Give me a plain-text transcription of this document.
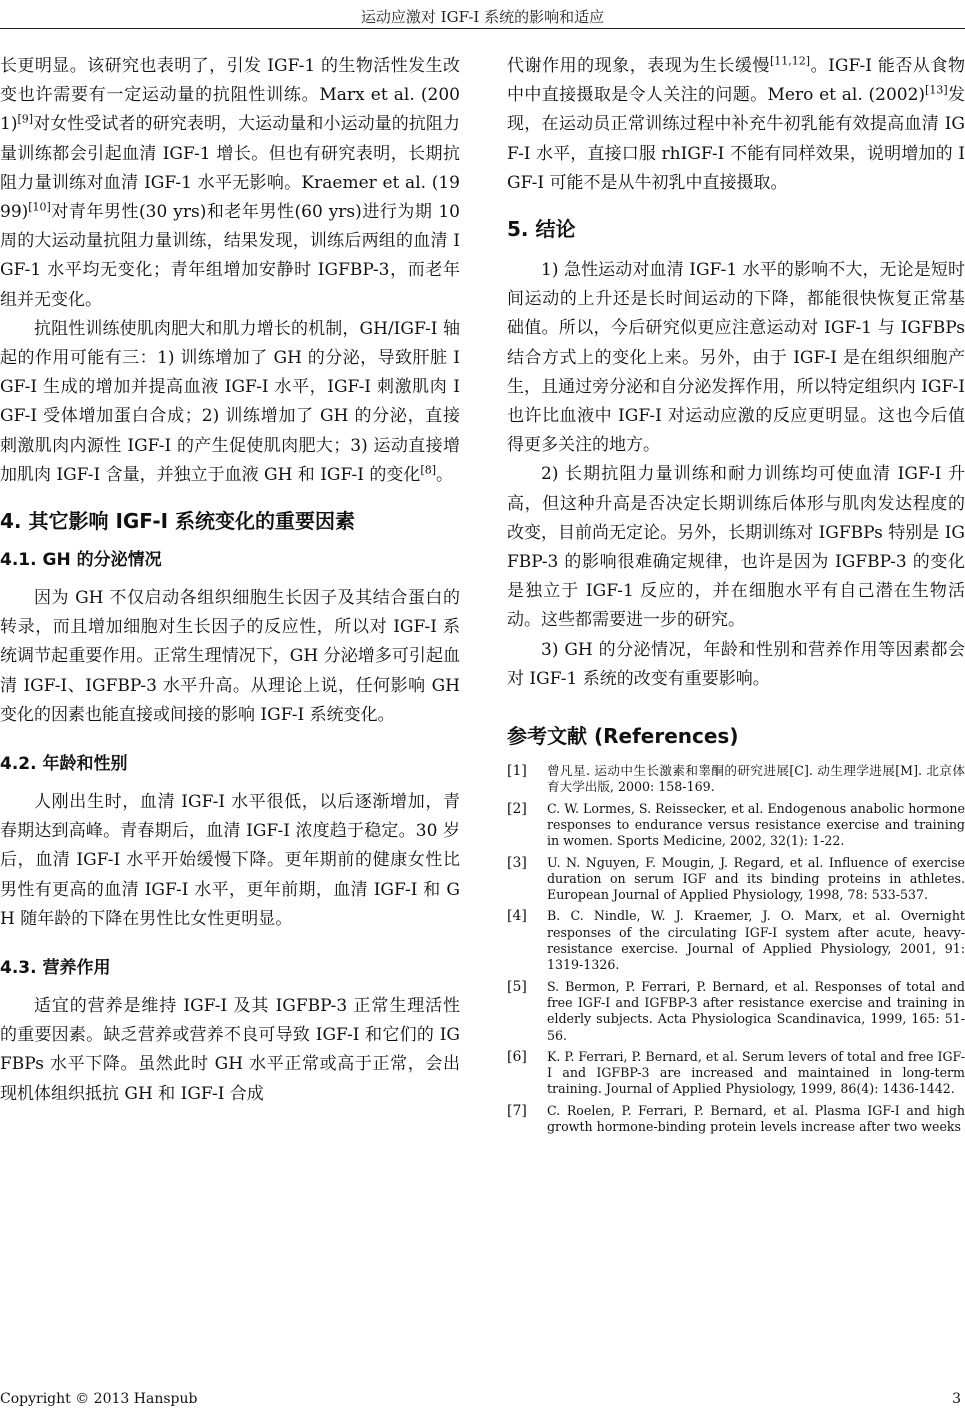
运动应激对 IGF-I 系统的影响和适应

长更明显。该研究也表明了，引发 IGF-1 的生物活性发生改变也许需要有一定运动量的抗阻性训练。Marx et al. (2001)[9]对女性受试者的研究表明，大运动量和小运动量的抗阻力量训练都会引起血清 IGF-1 增长。但也有研究表明，长期抗阻力量训练对血清 IGF-1 水平无影响。Kraemer et al. (1999)[10]对青年男性(30 yrs)和老年男性(60 yrs)进行为期 10 周的大运动量抗阻力量训练，结果发现，训练后两组的血清 IGF-1 水平均无变化；青年组增加安静时 IGFBP-3，而老年组并无变化。

抗阻性训练使肌肉肥大和肌力增长的机制，GH/IGF-I 轴起的作用可能有三：1) 训练增加了 GH 的分泌，导致肝脏 IGF-I 生成的增加并提高血液 IGF-I 水平，IGF-I 刺激肌肉 IGF-I 受体增加蛋白合成；2) 训练增加了 GH 的分泌，直接刺激肌肉内源性 IGF-I 的产生促使肌肉肥大；3) 运动直接增加肌肉 IGF-I 含量，并独立于血液 GH 和 IGF-I 的变化[8]。

4. 其它影响 IGF-I 系统变化的重要因素
4.1. GH 的分泌情况

因为 GH 不仅启动各组织细胞生长因子及其结合蛋白的转录，而且增加细胞对生长因子的反应性，所以对 IGF-I 系统调节起重要作用。正常生理情况下，GH 分泌增多可引起血清 IGF-I、IGFBP-3 水平升高。从理论上说，任何影响 GH 变化的因素也能直接或间接的影响 IGF-I 系统变化。

4.2. 年龄和性别

人刚出生时，血清 IGF-I 水平很低，以后逐渐增加，青春期达到高峰。青春期后，血清 IGF-I 浓度趋于稳定。30 岁后，血清 IGF-I 水平开始缓慢下降。更年期前的健康女性比男性有更高的血清 IGF-I 水平，更年前期，血清 IGF-I 和 GH 随年龄的下降在男性比女性更明显。

4.3. 营养作用

适宜的营养是维持 IGF-I 及其 IGFBP-3 正常生理活性的重要因素。缺乏营养或营养不良可导致 IGF-I 和它们的 IGFBPs 水平下降。虽然此时 GH 水平正常或高于正常，会出现机体组织抵抗 GH 和 IGF-I 合成

代谢作用的现象，表现为生长缓慢[11,12]。IGF-I 能否从食物中中直接摄取是令人关注的问题。Mero et al. (2002)[13]发现，在运动员正常训练过程中补充牛初乳能有效提高血清 IGF-I 水平，直接口服 rhIGF-I 不能有同样效果，说明增加的 IGF-I 可能不是从牛初乳中直接摄取。

5. 结论

1) 急性运动对血清 IGF-1 水平的影响不大，无论是短时间运动的上升还是长时间运动的下降，都能很快恢复正常基础值。所以，今后研究似更应注意运动对 IGF-1 与 IGFBPs 结合方式上的变化上来。另外，由于 IGF-I 是在组织细胞产生，且通过旁分泌和自分泌发挥作用，所以特定组织内 IGF-I 也许比血液中 IGF-I 对运动应激的反应更明显。这也今后值得更多关注的地方。

2) 长期抗阻力量训练和耐力训练均可使血清 IGF-I 升高，但这种升高是否决定长期训练后体形与肌肉发达程度的改变，目前尚无定论。另外，长期训练对 IGFBPs 特别是 IGFBP-3 的影响很难确定规律，也许是因为 IGFBP-3 的变化是独立于 IGF-1 反应的，并在细胞水平有自己潜在生物活动。这些都需要进一步的研究。

3) GH 的分泌情况，年龄和性别和营养作用等因素都会对 IGF-1 系统的改变有重要影响。

参考文献 (References)
[1]	曾凡星. 运动中生长激素和睾酮的研究进展[C]. 动生理学进展[M]. 北京体育大学出版, 2000: 158-169.
[2]	C. W. Lormes, S. Reissecker, et al. Endogenous anabolic hormone responses to endurance versus resistance exercise and training in women. Sports Medicine, 2002, 32(1): 1-22.
[3]	U. N. Nguyen, F. Mougin, J. Regard, et al. Influence of exercise duration on serum IGF and its binding proteins in athletes. European Journal of Applied Physiology, 1998, 78: 533-537.
[4]	B. C. Nindle, W. J. Kraemer, J. O. Marx, et al. Overnight responses of the circulating IGF-I system after acute, heavy-resistance exercise. Journal of Applied Physiology, 2001, 91: 1319-1326.
[5]	S. Bermon, P. Ferrari, P. Bernard, et al. Responses of total and free IGF-I and IGFBP-3 after resistance exercise and training in elderly subjects. Acta Physiologica Scandinavica, 1999, 165: 51-56.
[6]	K. P. Ferrari, P. Bernard, et al. Serum levers of total and free IGF-I and IGFBP-3 are increased and maintained in long-term training. Journal of Applied Physiology, 1999, 86(4): 1436-1442.
[7]	C. Roelen, P. Ferrari, P. Bernard, et al. Plasma IGF-I and high growth hormone-binding protein levels increase after two weeks
Copyright © 2013 Hanspub	3
